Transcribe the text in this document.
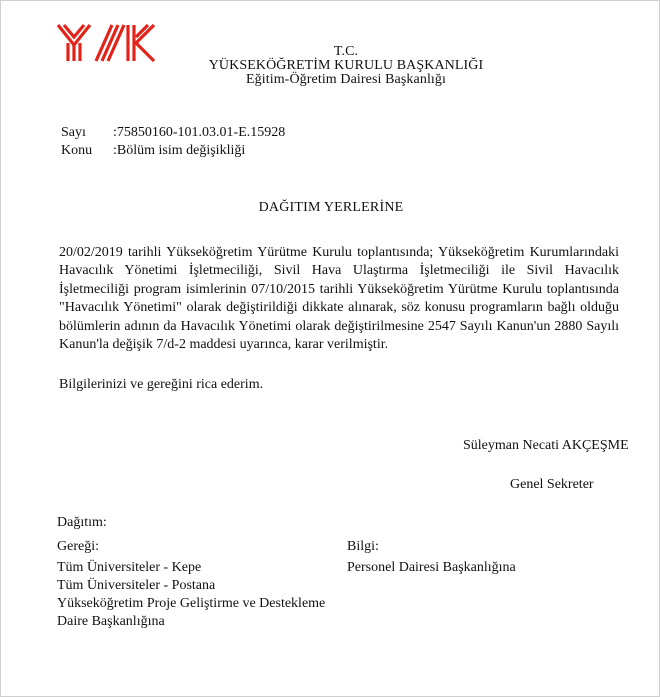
T.C.
YÜKSEKÖĞRETİM KURULU BAŞKANLIĞI
Eğitim-Öğretim Dairesi Başkanlığı
Sayı	:75850160-101.03.01-E.15928
Konu	:Bölüm isim değişikliği
DAĞITIM YERLERİNE
20/02/2019 tarihli Yükseköğretim Yürütme Kurulu toplantısında; Yükseköğretim Kurumlarındaki Havacılık Yönetimi İşletmeciliği, Sivil Hava Ulaştırma İşletmeciliği ile Sivil Havacılık İşletmeciliği program isimlerinin 07/10/2015 tarihli Yükseköğretim Yürütme Kurulu toplantısında "Havacılık Yönetimi" olarak değiştirildiği dikkate alınarak, söz konusu programların bağlı olduğu bölümlerin adının da Havacılık Yönetimi olarak değiştirilmesine 2547 Sayılı Kanun'un 2880 Sayılı Kanun'la değişik 7/d-2 maddesi uyarınca, karar verilmiştir.
Bilgilerinizi ve gereğini rica ederim.
Süleyman Necati AKÇEŞME
Genel Sekreter
Dağıtım:
Gereği:
Tüm Üniversiteler - Kepe
Tüm Üniversiteler - Postana
Yükseköğretim Proje Geliştirme ve Destekleme
Daire Başkanlığına
Bilgi:
Personel Dairesi Başkanlığına
